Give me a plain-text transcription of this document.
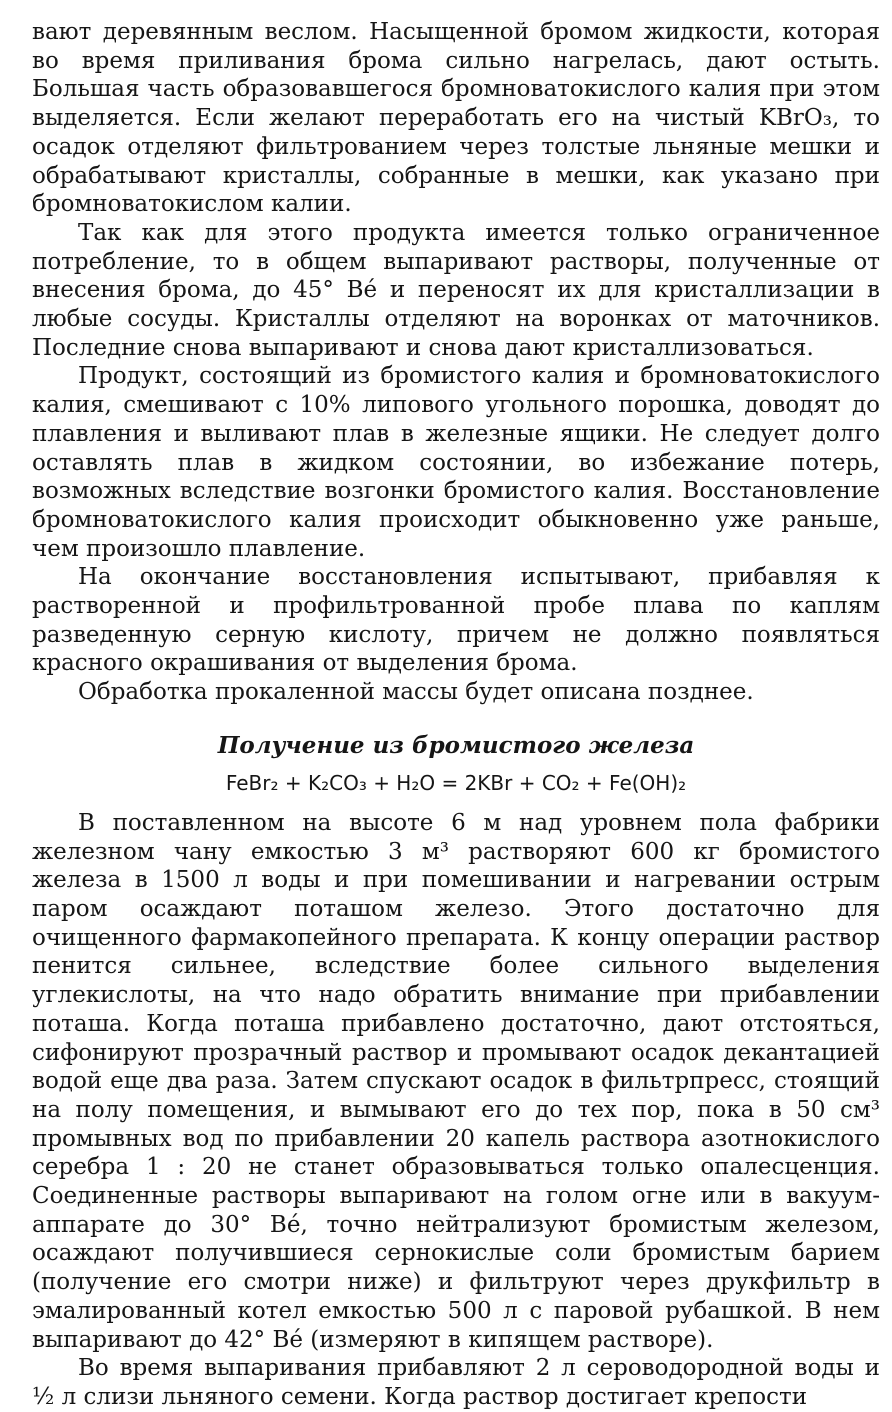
вают деревянным веслом. Насыщенной бромом жидкости, которая во время приливания брома сильно нагрелась, дают остыть. Большая часть образовавшегося бромноватокислого калия при этом выделяется. Если желают переработать его на чистый KBrO₃, то осадок отделяют фильтрованием через толстые льняные мешки и обрабатывают кристаллы, собранные в мешки, как указано при бромноватокислом калии.

Так как для этого продукта имеется только ограниченное потребление, то в общем выпаривают растворы, полученные от внесения брома, до 45° Bé и переносят их для кристаллизации в любые сосуды. Кристаллы отделяют на воронках от маточников. Последние снова выпаривают и снова дают кристаллизоваться.

Продукт, состоящий из бромистого калия и бромноватокислого калия, смешивают с 10% липового угольного порошка, доводят до плавления и выливают плав в железные ящики. Не следует долго оставлять плав в жидком состоянии, во избежание потерь, возможных вследствие возгонки бромистого калия. Восстановление бромноватокислого калия происходит обыкновенно уже раньше, чем произошло плавление.

На окончание восстановления испытывают, прибавляя к растворенной и профильтрованной пробе плава по каплям разведенную серную кислоту, причем не должно появляться красного окрашивания от выделения брома.

Обработка прокаленной массы будет описана позднее.

Получение из бромистого железа
FeBr₂ + K₂CO₃ + H₂O = 2KBr + CO₂ + Fe(OH)₂

В поставленном на высоте 6 м над уровнем пола фабрики железном чану емкостью 3 м³ растворяют 600 кг бромистого железа в 1500 л воды и при помешивании и нагревании острым паром осаждают поташом железо. Этого достаточно для очищенного фармакопейного препарата. К концу операции раствор пенится сильнее, вследствие более сильного выделения углекислоты, на что надо обратить внимание при прибавлении поташа. Когда поташа прибавлено достаточно, дают отстояться, сифонируют прозрачный раствор и промывают осадок декантацией водой еще два раза. Затем спускают осадок в фильтрпресс, стоящий на полу помещения, и вымывают его до тех пор, пока в 50 см³ промывных вод по прибавлении 20 капель раствора азотнокислого серебра 1 : 20 не станет образовываться только опалесценция. Соединенные растворы выпаривают на голом огне или в вакуум-аппарате до 30° Bé, точно нейтрализуют бромистым железом, осаждают получившиеся сернокислые соли бромистым барием (получение его смотри ниже) и фильтруют через друкфильтр в эмалированный котел емкостью 500 л с паровой рубашкой. В нем выпаривают до 42° Bé (измеряют в кипящем растворе).

Во время выпаривания прибавляют 2 л сероводородной воды и ½ л слизи льняного семени. Когда раствор достигает крепости
